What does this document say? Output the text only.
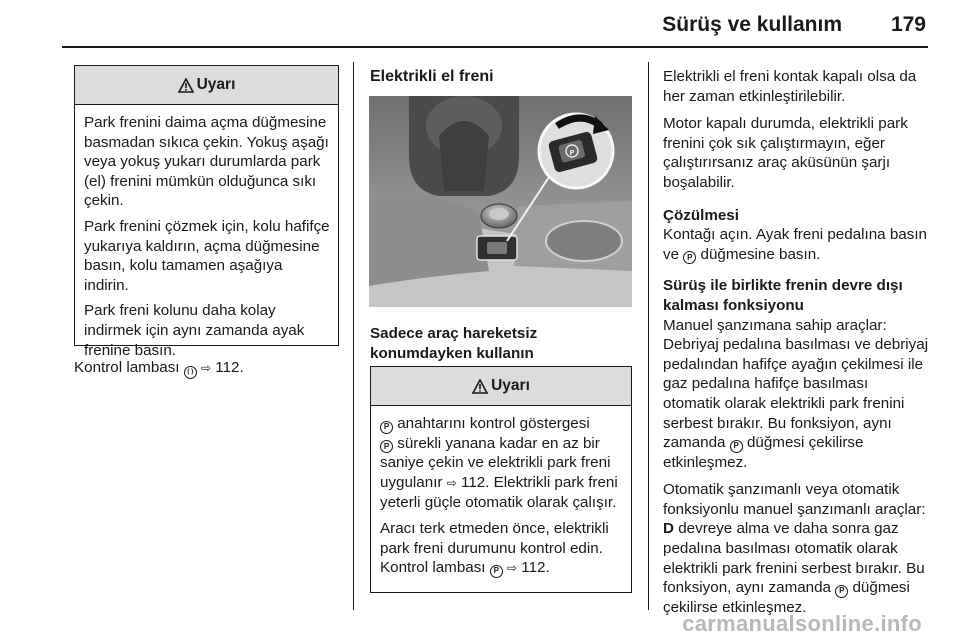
Sürüş ve kullanım 179
Uyarı

Park frenini daima açma düğmesine basmadan sıkıca çekin. Yokuş aşağı veya yokuş yukarı durumlarda park (el) frenini mümkün olduğunca sıkı çekin.

Park frenini çözmek için, kolu hafifçe yukarıya kaldırın, açma düğmesine basın, kolu tamamen aşağıya indirin.

Park freni kolunu daha kolay indirmek için aynı zamanda ayak frenine basın.

Kontrol lambası ( ) ⇨ 112.
Elektrikli el freni
P
Sadece araç hareketsiz konumdayken kullanın
Uyarı

P anahtarını kontrol göstergesi

P sürekli yanana kadar en az bir saniye çekin ve elektrikli park freni uygulanır ⇨ 112. Elektrikli park freni yeterli güçle otomatik olarak çalışır.

Aracı terk etmeden önce, elektrikli park freni durumunu kontrol edin. Kontrol lambası P ⇨ 112.

Elektrikli el freni kontak kapalı olsa da her zaman etkinleştirilebilir.

Motor kapalı durumda, elektrikli park frenini çok sık çalıştırmayın, eğer çalıştırırsanız araç aküsünün şarjı boşalabilir.

Çözülmesi

Kontağı açın. Ayak freni pedalına basın ve P düğmesine basın.

Sürüş ile birlikte frenin devre dışı kalması fonksiyonu

Manuel şanzımana sahip araçlar: Debriyaj pedalına basılması ve debriyaj pedalından hafifçe ayağın çekilmesi ile gaz pedalına hafifçe basılması otomatik olarak elektrikli park frenini serbest bırakır. Bu fonksiyon, aynı zamanda P düğmesi çekilirse etkinleşmez.

Otomatik şanzımanlı veya otomatik fonksiyonlu manuel şanzımanlı araçlar: D devreye alma ve daha sonra gaz pedalına basılması otomatik olarak elektrikli park frenini serbest bırakır. Bu fonksiyon, aynı zamanda P düğmesi çekilirse etkinleşmez.

carmanualsonline.info
